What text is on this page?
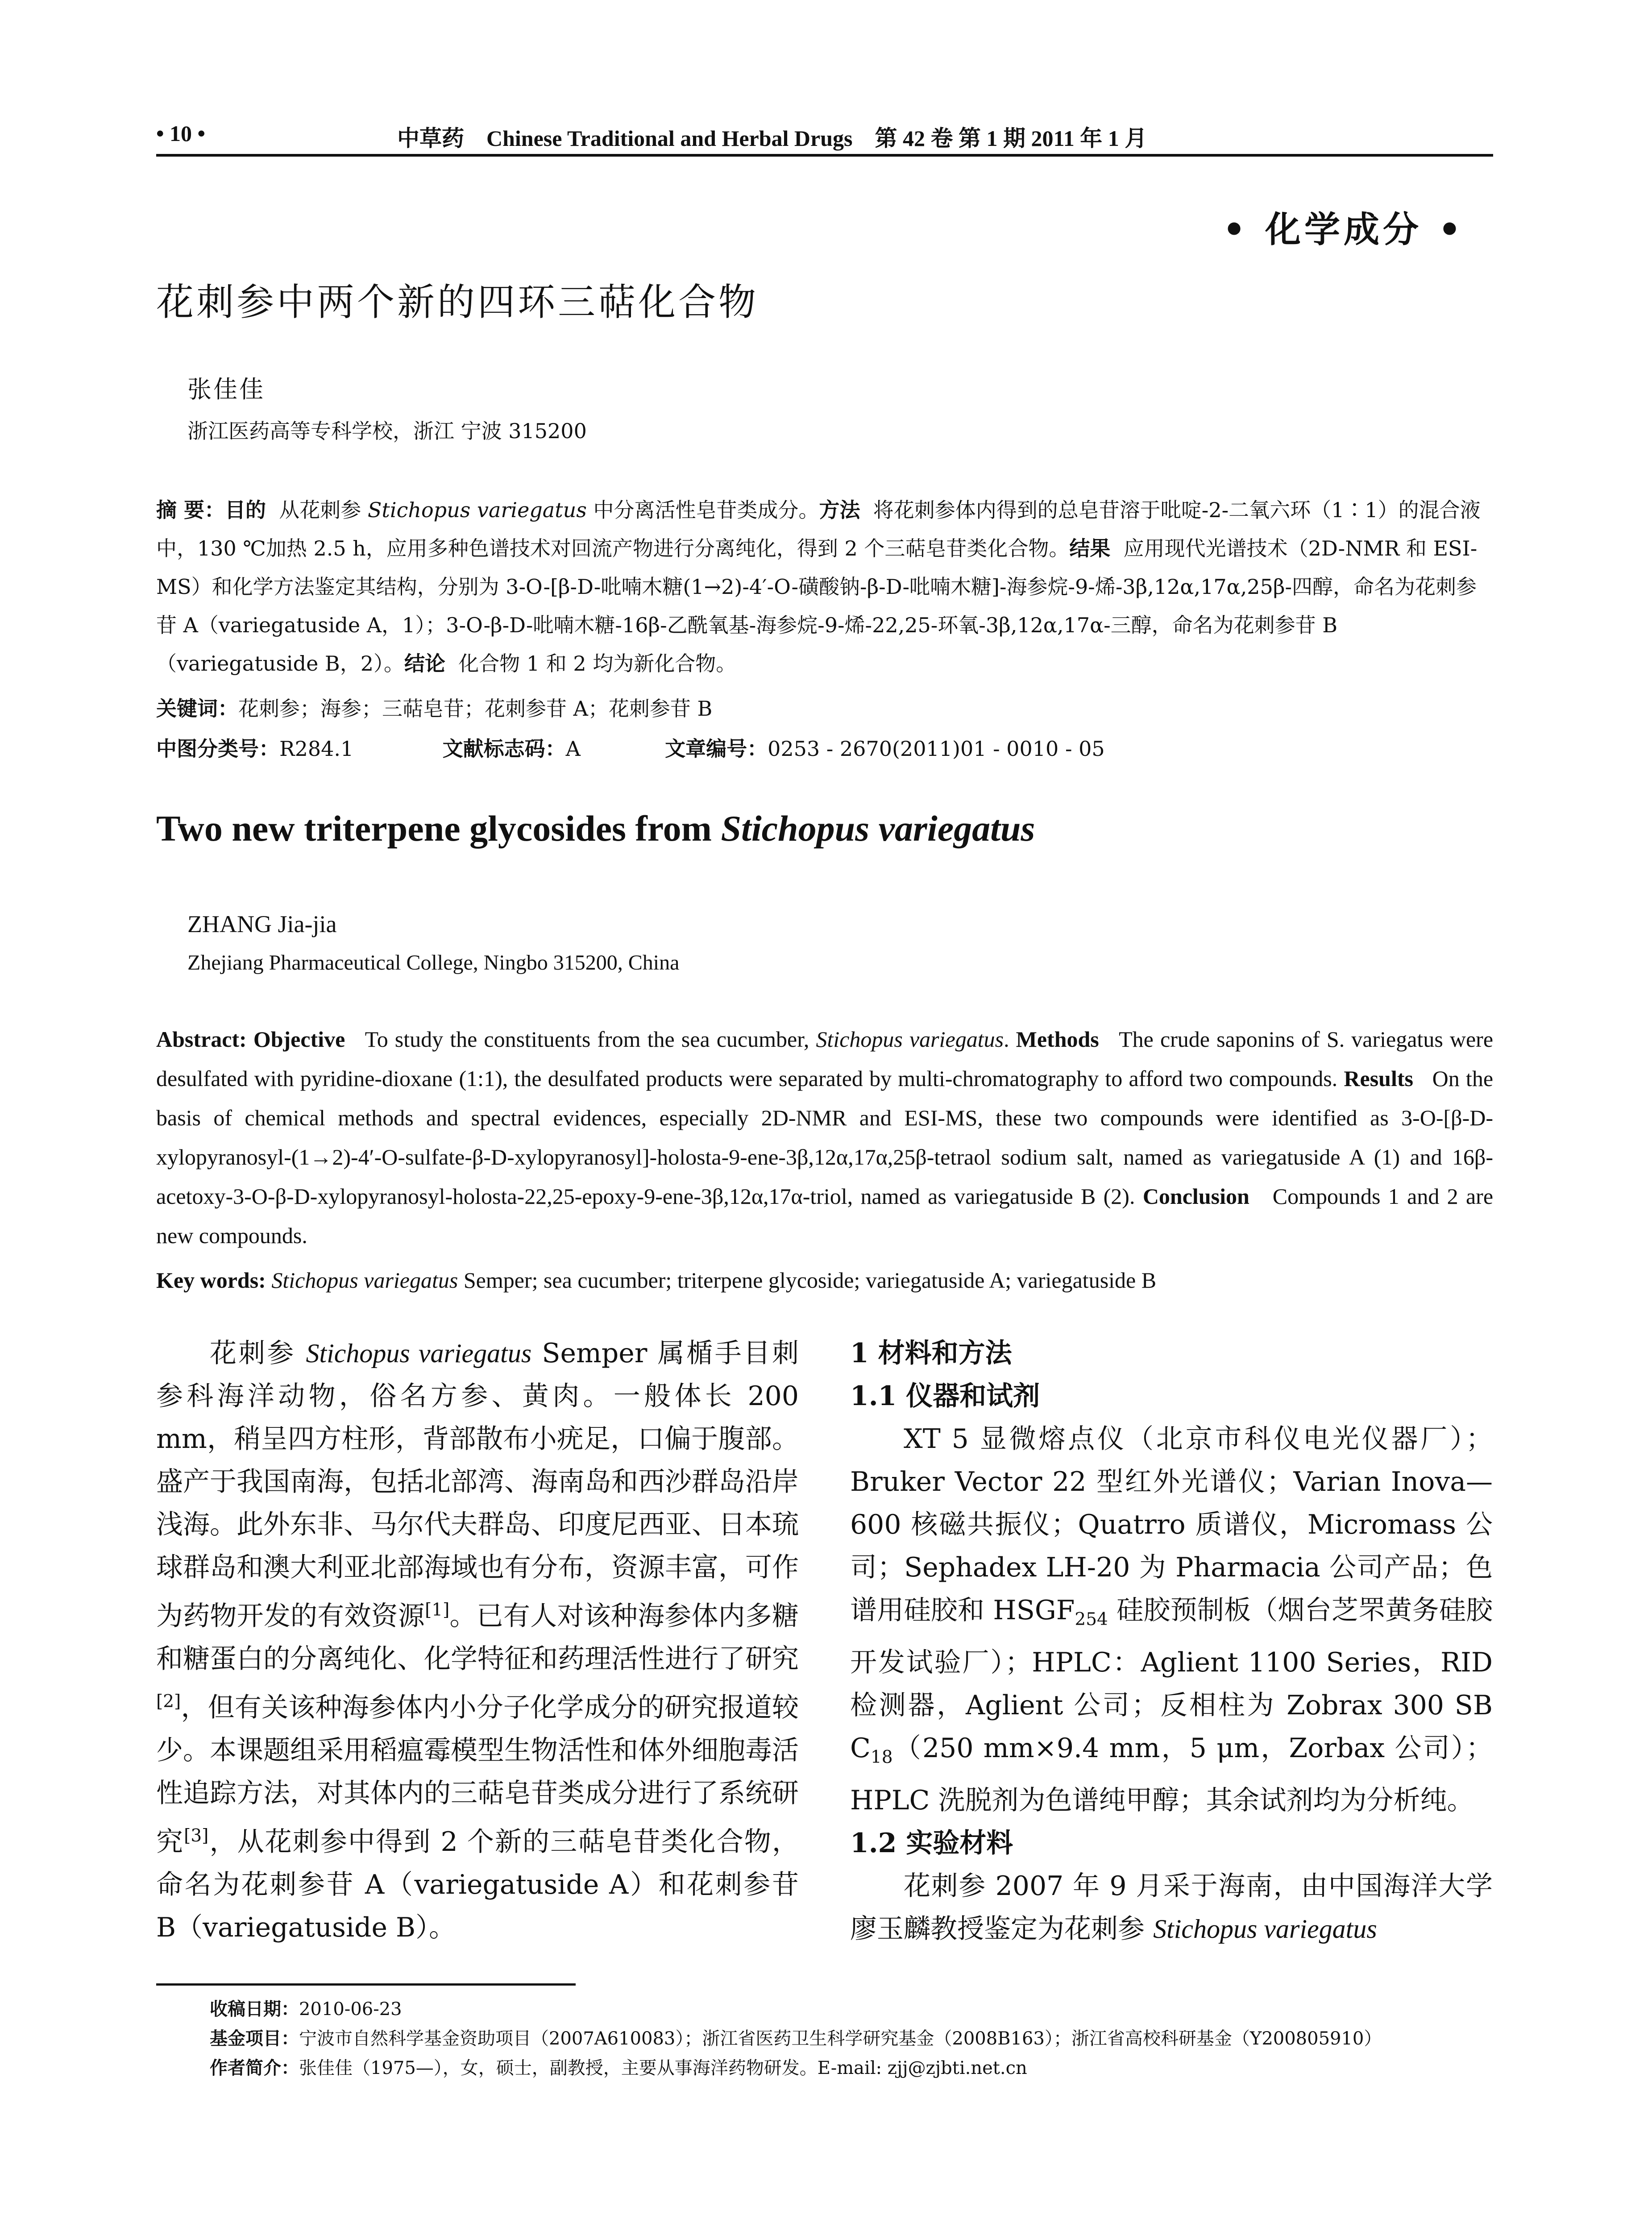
• 10 •	中草药 Chinese Traditional and Herbal Drugs 第 42 卷 第 1 期 2011 年 1 月
• 化学成分 •
花刺参中两个新的四环三萜化合物
张佳佳
浙江医药高等专科学校，浙江 宁波 315200
摘 要：目的 从花刺参 Stichopus variegatus 中分离活性皂苷类成分。方法 将花刺参体内得到的总皂苷溶于吡啶-2-二氧六环（1∶1）的混合液中，130 ℃加热 2.5 h，应用多种色谱技术对回流产物进行分离纯化，得到 2 个三萜皂苷类化合物。结果 应用现代光谱技术（2D-NMR 和 ESI-MS）和化学方法鉴定其结构，分别为 3-O-[β-D-吡喃木糖(1→2)-4′-O-磺酸钠-β-D-吡喃木糖]-海参烷-9-烯-3β,12α,17α,25β-四醇，命名为花刺参苷 A（variegatuside A，1）；3-O-β-D-吡喃木糖-16β-乙酰氧基-海参烷-9-烯-22,25-环氧-3β,12α,17α-三醇，命名为花刺参苷 B（variegatuside B，2）。结论 化合物 1 和 2 均为新化合物。
关键词：花刺参；海参；三萜皂苷；花刺参苷 A；花刺参苷 B
中图分类号：R284.1	文献标志码：A	文章编号：0253 - 2670(2011)01 - 0010 - 05
Two new triterpene glycosides from Stichopus variegatus
ZHANG Jia-jia
Zhejiang Pharmaceutical College, Ningbo 315200, China
Abstract: Objective To study the constituents from the sea cucumber, Stichopus variegatus. Methods The crude saponins of S. variegatus were desulfated with pyridine-dioxane (1:1), the desulfated products were separated by multi-chromatography to afford two compounds. Results On the basis of chemical methods and spectral evidences, especially 2D-NMR and ESI-MS, these two compounds were identified as 3-O-[β-D-xylopyranosyl-(1→2)-4′-O-sulfate-β-D-xylopyranosyl]-holosta-9-ene-3β,12α,17α,25β-tetraol sodium salt, named as variegatuside A (1) and 16β-acetoxy-3-O-β-D-xylopyranosyl-holosta-22,25-epoxy-9-ene-3β,12α,17α-triol, named as variegatuside B (2). Conclusion Compounds 1 and 2 are new compounds.
Key words: Stichopus variegatus Semper; sea cucumber; triterpene glycoside; variegatuside A; variegatuside B

花刺参 Stichopus variegatus Semper 属楯手目刺参科海洋动物，俗名方参、黄肉。一般体长 200 mm，稍呈四方柱形，背部散布小疣足，口偏于腹部。盛产于我国南海，包括北部湾、海南岛和西沙群岛沿岸浅海。此外东非、马尔代夫群岛、印度尼西亚、日本琉球群岛和澳大利亚北部海域也有分布，资源丰富，可作为药物开发的有效资源[1]。已有人对该种海参体内多糖和糖蛋白的分离纯化、化学特征和药理活性进行了研究[2]，但有关该种海参体内小分子化学成分的研究报道较少。本课题组采用稻瘟霉模型生物活性和体外细胞毒活性追踪方法，对其体内的三萜皂苷类成分进行了系统研究[3]，从花刺参中得到 2 个新的三萜皂苷类化合物，命名为花刺参苷 A（variegatuside A）和花刺参苷 B（variegatuside B）。

1 材料和方法

1.1 仪器和试剂

XT 5 显微熔点仪（北京市科仪电光仪器厂）；Bruker Vector 22 型红外光谱仪；Varian Inova—600 核磁共振仪；Quatrro 质谱仪，Micromass 公司；Sephadex LH-20 为 Pharmacia 公司产品；色谱用硅胶和 $HSGF_{254}$ 硅胶预制板（烟台芝罘黄务硅胶开发试验厂）；HPLC：Aglient 1100 Series，RID 检测器，Aglient 公司；反相柱为 Zobrax 300 SB $C_{18}(250$ mm×9.4 mm，5 μm，Zorbax 公司）；HPLC 洗脱剂为色谱纯甲醇；其余试剂均为分析纯。

1.2 实验材料

花刺参 2007 年 9 月采于海南，由中国海洋大学廖玉麟教授鉴定为花刺参 Stichopus variegatus

收稿日期：2010-06-23
基金项目：宁波市自然科学基金资助项目（2007A610083）；浙江省医药卫生科学研究基金（2008B163）；浙江省高校科研基金（Y200805910）
作者简介：张佳佳（1975—），女，硕士，副教授，主要从事海洋药物研发。E-mail: zjj@zjbti.net.cn
